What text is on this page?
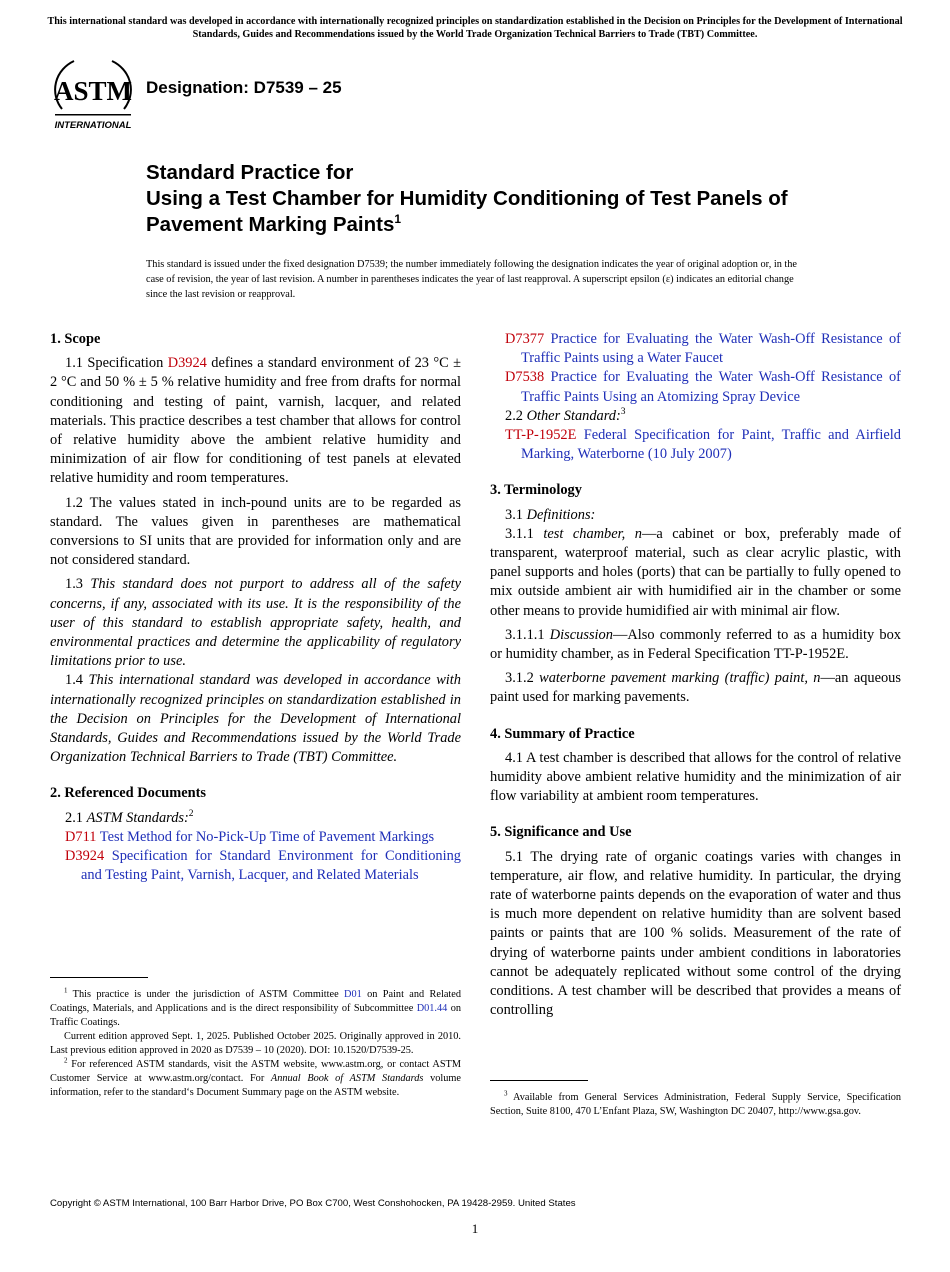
This international standard was developed in accordance with internationally recognized principles on standardization established in the Decision on Principles for the Development of International Standards, Guides and Recommendations issued by the World Trade Organization Technical Barriers to Trade (TBT) Committee.
ASTM
INTERNATIONAL
Designation: D7539 – 25
Standard Practice for
Using a Test Chamber for Humidity Conditioning of Test Panels of Pavement Marking Paints$^1$
This standard is issued under the fixed designation D7539; the number immediately following the designation indicates the year of original adoption or, in the case of revision, the year of last revision. A number in parentheses indicates the year of last reapproval. A superscript epsilon (ε) indicates an editorial change since the last revision or reapproval.
1. Scope

1.1 Specification D3924 defines a standard environment of 23 °C ± 2 °C and 50 % ± 5 % relative humidity and free from drafts for normal conditioning and testing of paint, varnish, lacquer, and related materials. This practice describes a test chamber that allows for control of relative humidity above the ambient relative humidity and minimization of air flow for conditioning of test panels at elevated relative humidity and room temperatures.

1.2 The values stated in inch-pound units are to be regarded as standard. The values given in parentheses are mathematical conversions to SI units that are provided for information only and are not considered standard.

1.3 This standard does not purport to address all of the safety concerns, if any, associated with its use. It is the responsibility of the user of this standard to establish appropriate safety, health, and environmental practices and determine the applicability of regulatory limitations prior to use.

1.4 This international standard was developed in accordance with internationally recognized principles on standardization established in the Decision on Principles for the Development of International Standards, Guides and Recommendations issued by the World Trade Organization Technical Barriers to Trade (TBT) Committee.

2. Referenced Documents

2.1 ASTM Standards:$^2$

D711 Test Method for No-Pick-Up Time of Pavement Markings

D3924 Specification for Standard Environment for Conditioning and Testing Paint, Varnish, Lacquer, and Related Materials

D7377 Practice for Evaluating the Water Wash-Off Resistance of Traffic Paints using a Water Faucet

D7538 Practice for Evaluating the Water Wash-Off Resistance of Traffic Paints Using an Atomizing Spray Device

2.2 Other Standard:$^3$

TT-P-1952E Federal Specification for Paint, Traffic and Airfield Marking, Waterborne (10 July 2007)

3. Terminology

3.1 Definitions:

3.1.1 test chamber, n—a cabinet or box, preferably made of transparent, waterproof material, such as clear acrylic plastic, with panel supports and holes (ports) that can be partially to fully opened to mix outside ambient air with humidified air in the chamber or some other means to provide humidified air with minimal air flow.

3.1.1.1 Discussion—Also commonly referred to as a humidity box or humidity chamber, as in Federal Specification TT-P-1952E.

3.1.2 waterborne pavement marking (traffic) paint, n—an aqueous paint used for marking pavements.

4. Summary of Practice

4.1 A test chamber is described that allows for the control of relative humidity above ambient relative humidity and the minimization of air flow variability at ambient room temperatures.

5. Significance and Use

5.1 The drying rate of organic coatings varies with changes in temperature, air flow, and relative humidity. In particular, the drying rate of waterborne paints depends on the evaporation of water and thus is much more dependent on relative humidity than are solvent based paints or paints that are 100 % solids. Measurement of the rate of drying of waterborne paints under ambient conditions in laboratories cannot be adequately replicated without some control of the drying conditions. A test chamber will be described that provides a means of controlling

$^1$ This practice is under the jurisdiction of ASTM Committee D01 on Paint and Related Coatings, Materials, and Applications and is the direct responsibility of Subcommittee D01.44 on Traffic Coatings.

Current edition approved Sept. 1, 2025. Published October 2025. Originally approved in 2010. Last previous edition approved in 2020 as D7539 – 10 (2020). DOI: 10.1520/D7539-25.

$^2$ For referenced ASTM standards, visit the ASTM website, www.astm.org, or contact ASTM Customer Service at www.astm.org/contact. For Annual Book of ASTM Standards volume information, refer to the standard‘s Document Summary page on the ASTM website.	$^3$ Available from General Services Administration, Federal Supply Service, Specification Section, Suite 8100, 470 L’Enfant Plaza, SW, Washington DC 20407, http://www.gsa.gov.

Copyright © ASTM International, 100 Barr Harbor Drive, PO Box C700, West Conshohocken, PA 19428-2959. United States
1
